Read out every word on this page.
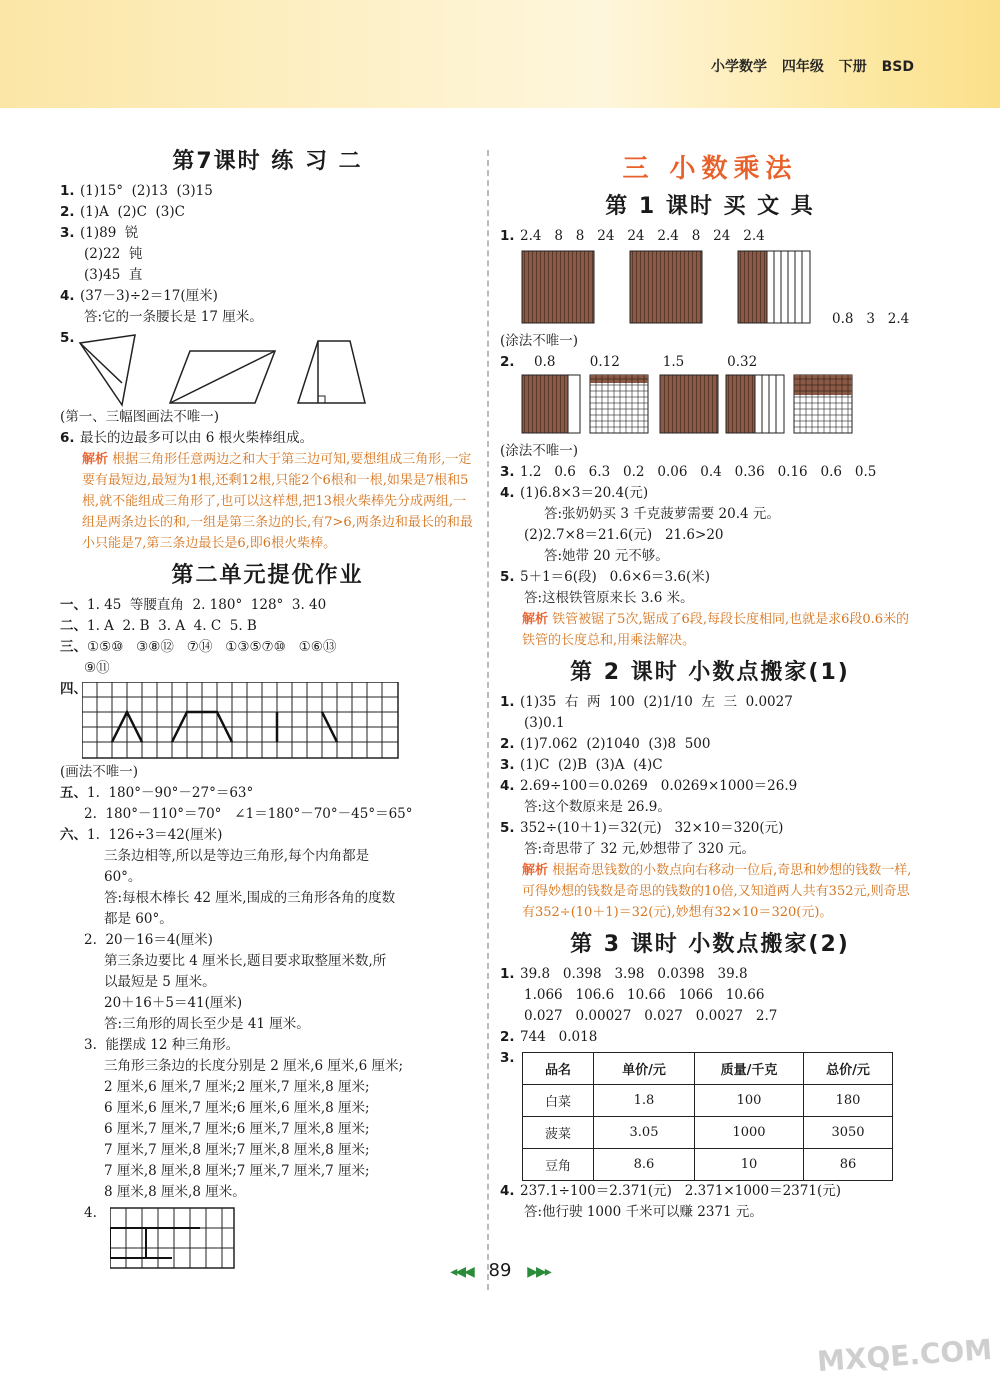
小学数学 四年级 下册 BSD
第7课时 练 习 二
1. (1)15°  (2)13  (3)15
2. (1)A  (2)C  (3)C
3. (1)89  锐
(2)22  钝
(3)45  直
4. (37－3)÷2＝17(厘米)
答:它的一条腰长是 17 厘米。
5.
(第一、三幅图画法不唯一)
6. 最长的边最多可以由 6 根火柴棒组成。
解析 根据三角形任意两边之和大于第三边可知,要想组成三角形,一定要有最短边,最短为1根,还剩12根,只能2个6根和一根,如果是7根和5根,就不能组成三角形了,也可以这样想,把13根火柴棒先分成两组,一组是两条边长的和,一组是第三条边的长,有7>6,两条边和最长的和最小只能是7,第三条边最长是6,即6根火柴棒。
第二单元提优作业
一、1. 45  等腰直角  2. 180°  128°  3. 40
二、1. A  2. B  3. A  4. C  5. B
三、①⑤⑩   ③⑧⑫   ⑦⑭   ①③⑤⑦⑩   ①⑥⑬
⑨⑪
四、
(画法不唯一)
五、1.  180°－90°－27°＝63°
2.  180°－110°＝70°   ∠1＝180°－70°－45°＝65°
六、1.  126÷3＝42(厘米)
三条边相等,所以是等边三角形,每个内角都是
60°。
答:每根木棒长 42 厘米,围成的三角形各角的度数
都是 60°。
2.  20－16＝4(厘米)
第三条边要比 4 厘米长,题目要求取整厘米数,所
以最短是 5 厘米。
20＋16＋5＝41(厘米)
答:三角形的周长至少是 41 厘米。
3.  能摆成 12 种三角形。
三角形三条边的长度分别是 2 厘米,6 厘米,6 厘米;
2 厘米,6 厘米,7 厘米;2 厘米,7 厘米,8 厘米;
6 厘米,6 厘米,7 厘米;6 厘米,6 厘米,8 厘米;
6 厘米,7 厘米,7 厘米;6 厘米,7 厘米,8 厘米;
7 厘米,7 厘米,8 厘米;7 厘米,8 厘米,8 厘米;
7 厘米,8 厘米,8 厘米;7 厘米,7 厘米,7 厘米;
8 厘米,8 厘米,8 厘米。
4.
三 小数乘法
第 1 课时 买 文 具
1. 2.4   8   8   24   24   2.4   8   24   2.4
0.8   3   2.4
(涂法不唯一)
2. 0.8        0.12          1.5          0.32
(涂法不唯一)
3. 1.2   0.6   6.3   0.2   0.06   0.4   0.36   0.16   0.6   0.5
4. (1)6.8×3＝20.4(元)
答:张奶奶买 3 千克菠萝需要 20.4 元。
(2)2.7×8＝21.6(元)   21.6>20
答:她带 20 元不够。
5. 5＋1＝6(段)   0.6×6＝3.6(米)
答:这根铁管原来长 3.6 米。
解析 铁管被锯了5次,锯成了6段,每段长度相同,也就是求6段0.6米的铁管的长度总和,用乘法解决。
第 2 课时 小数点搬家(1)
1. (1)35  右  两  100  (2)1/10  左  三  0.0027
(3)0.1
2. (1)7.062  (2)1040  (3)8  500
3. (1)C  (2)B  (3)A  (4)C
4. 2.69÷100＝0.0269   0.0269×1000＝26.9
答:这个数原来是 26.9。
5. 352÷(10＋1)＝32(元)   32×10＝320(元)
答:奇思带了 32 元,妙想带了 320 元。
解析 根据奇思钱数的小数点向右移动一位后,奇思和妙想的钱数一样,可得妙想的钱数是奇思的钱数的10倍,又知道两人共有352元,则奇思有352÷(10＋1)＝32(元),妙想有32×10＝320(元)。
第 3 课时 小数点搬家(2)
1. 39.8   0.398   3.98   0.0398   39.8
1.066   106.6   10.66   1066   10.66
0.027   0.00027   0.027   0.0027   2.7
2. 744   0.018
3.
品名	单价/元	质量/千克	总价/元
白菜	1.8	100	180
菠菜	3.05	1000	3050
豆角	8.6	10	86
4. 237.1÷100＝2.371(元)   2.371×1000＝2371(元)
答:他行驶 1000 千米可以赚 2371 元。
◂◀◀ 89 ▶▶▸
MXQE.COM
